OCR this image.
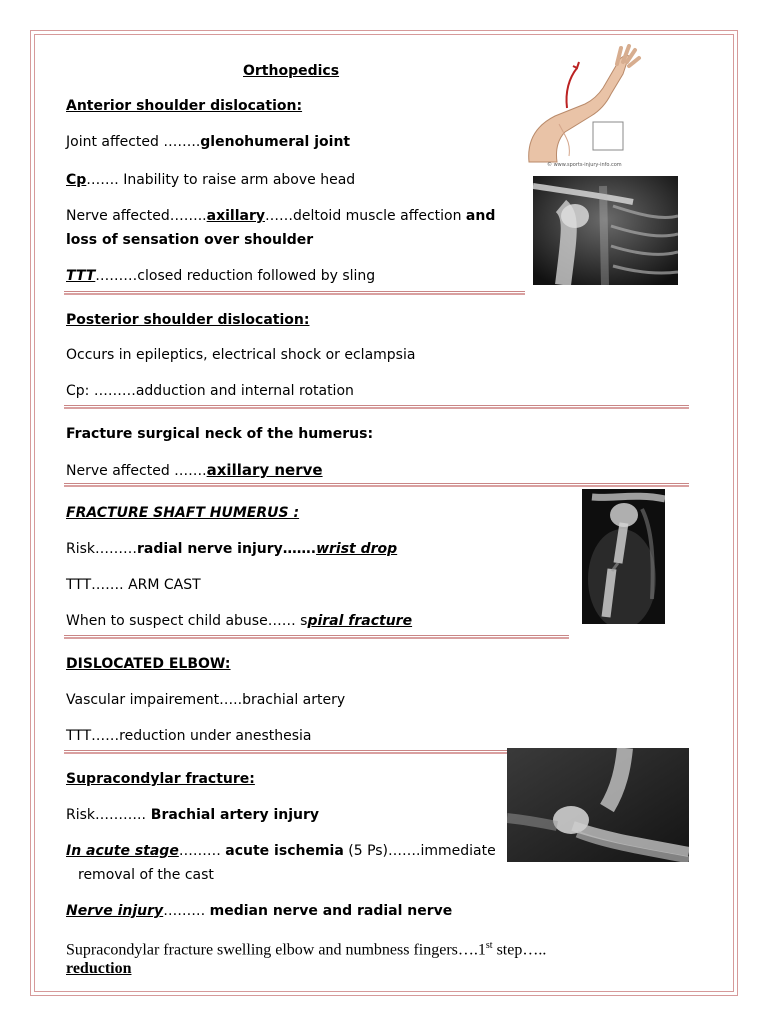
Orthopedics
Anterior shoulder dislocation:
Joint affected ……..glenohumeral joint
Cp……. Inability to raise arm above head
Nerve affected……..axillary……deltoid muscle affection and
loss of sensation over shoulder
TTT………closed reduction followed by sling
© www.sports-injury-info.com
Posterior shoulder dislocation:
Occurs in epileptics, electrical shock or eclampsia
Cp: ………adduction and internal rotation
Fracture surgical neck of the humerus:
Nerve affected …….axillary nerve
FRACTURE SHAFT HUMERUS :
Risk………radial nerve injury…….wrist drop
TTT……. ARM CAST
When to suspect child abuse…… spiral fracture
DISLOCATED ELBOW:
Vascular impairement…..brachial artery
TTT……reduction under anesthesia
Supracondylar fracture:
Risk……….. Brachial artery injury
In acute stage……… acute ischemia (5 Ps)…….immediate
removal of the cast
Nerve injury……… median nerve and radial nerve
Supracondylar fracture swelling elbow and numbness fingers….1st step…..
reduction
